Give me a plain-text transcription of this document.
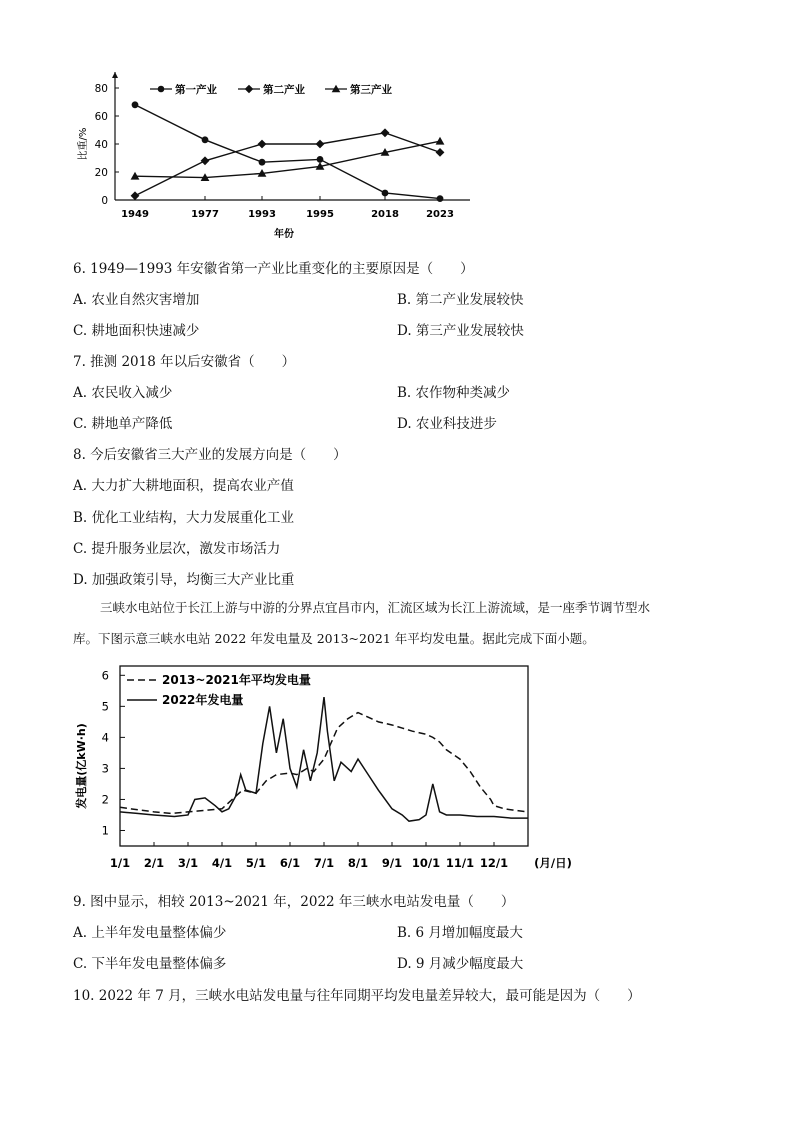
0
20
40
60
80
比重/%
1949	1977	1993	1995	2018	2023
年份
第一产业	第二产业	第三产业
6. 1949—1993 年安徽省第一产业比重变化的主要原因是（　　）
A. 农业自然灾害增加	B. 第二产业发展较快
C. 耕地面积快速减少	D. 第三产业发展较快
7. 推测 2018 年以后安徽省（　　）
A. 农民收入减少	B. 农作物种类减少
C. 耕地单产降低	D. 农业科技进步
8. 今后安徽省三大产业的发展方向是（　　）
A. 大力扩大耕地面积，提高农业产值
B. 优化工业结构，大力发展重化工业
C. 提升服务业层次，激发市场活力
D. 加强政策引导，均衡三大产业比重
三峡水电站位于长江上游与中游的分界点宜昌市内，汇流区域为长江上游流域，是一座季节调节型水
库。下图示意三峡水电站 2022 年发电量及 2013~2021 年平均发电量。据此完成下面小题。
1
2
3
4
5
6
发电量(亿kW·h)
1/1 2/1 3/1 4/1 5/1 6/1 7/1 8/1 9/1 10/1 11/1 12/1 (月/日)
2013~2021年平均发电量
2022年发电量
9. 图中显示，相较 2013~2021 年，2022 年三峡水电站发电量（　　）
A. 上半年发电量整体偏少	B. 6 月增加幅度最大
C. 下半年发电量整体偏多	D. 9 月减少幅度最大
10. 2022 年 7 月，三峡水电站发电量与往年同期平均发电量差异较大，最可能是因为（　　）
